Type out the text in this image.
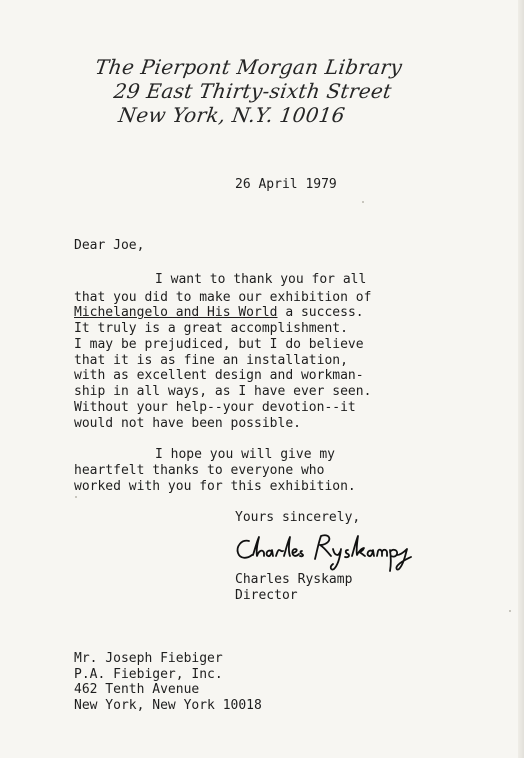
The Pierpont Morgan Library
29 East Thirty-sixth Street
New York, N.Y. 10016
26 April 1979
Dear Joe,
I want to thank you for all
that you did to make our exhibition of
Michelangelo and His World a success.
It truly is a great accomplishment.
I may be prejudiced, but I do believe
that it is as fine an installation,
with as excellent design and workman-
ship in all ways, as I have ever seen.
Without your help--your devotion--it
would not have been possible.
I hope you will give my
heartfelt thanks to everyone who
worked with you for this exhibition.
Yours sincerely,
Charles Ryskamp
Director
Mr. Joseph Fiebiger
P.A. Fiebiger, Inc.
462 Tenth Avenue
New York, New York 10018
